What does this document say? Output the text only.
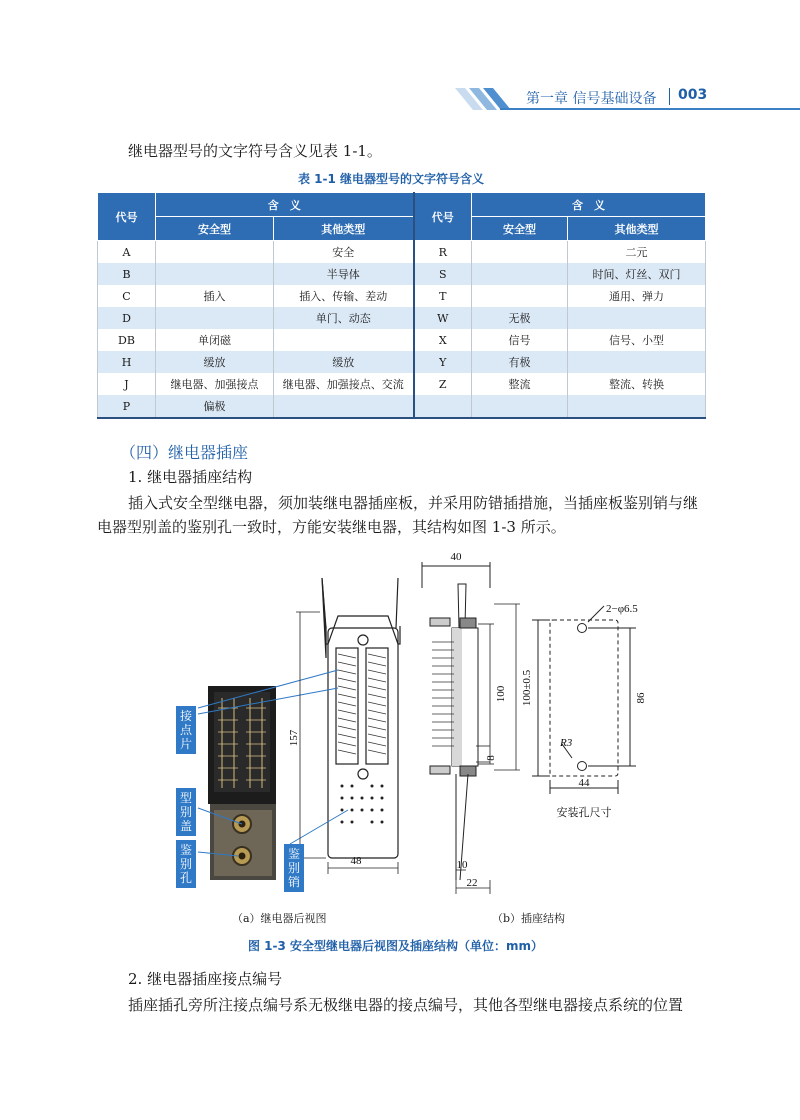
第一章 信号基础设备 003
继电器型号的文字符号含义见表 1-1。
表 1-1 继电器型号的文字符号含义
代号	含　义		代号	含　义	
	安全型	其他类型		安全型	其他类型
A		安全	R		二元
B		半导体	S		时间、灯丝、双门
C	插入	插入、传输、差动	T		通用、弹力
D		单门、动态	W	无极	
DB	单闭磁		X	信号	信号、小型
H	缓放	缓放	Y	有极	
J	继电器、加强接点	继电器、加强接点、交流	Z	整流	整流、转换
P	偏极				
（四）继电器插座
1. 继电器插座结构
插入式安全型继电器，须加装继电器插座板，并采用防错插措施，当插座板鉴别销与继
电器型别盖的鉴别孔一致时，方能安装继电器，其结构如图 1-3 所示。
157
48
40
100 100±0.5
8
10
22
2−φ6.5
R3
86
44
安装孔尺寸
接点片
型别盖
鉴别孔
鉴别销
（a）继电器后视图	（b）插座结构
图 1-3 安全型继电器后视图及插座结构（单位：mm）
2. 继电器插座接点编号
插座插孔旁所注接点编号系无极继电器的接点编号，其他各型继电器接点系统的位置
